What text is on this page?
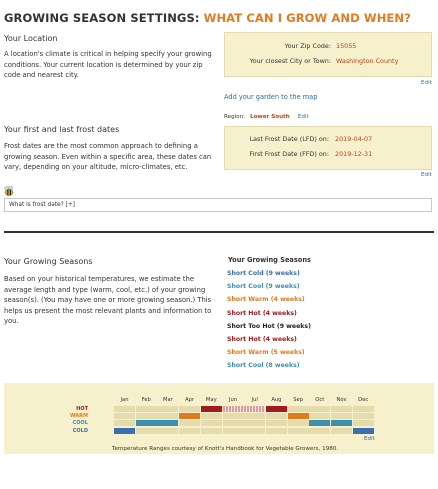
GROWING SEASON SETTINGS: WHAT CAN I GROW AND WHEN?
Your Location
A location's climate is critical in helping specify your growing conditions. Your current location is determined by your zip code and nearest city.
Your Zip Code: 15055
Your closest City or Town: Washington County
Edit
Add your garden to the map
Region: Lower South Edit
Your first and last frost dates
Frost dates are the most common approach to defining a growing season. Even within a specific area, these dates can vary, depending on your altitude, micro-climates, etc.
Last Frost Date (LFD) on: 2019-04-07
First Frost Date (FFD) on: 2019-12-31
Edit
What is frost date? [+]
Your Growing Seasons
Based on your historical temperatures, we estimate the average length and type (warm, cool, etc.) of your growing season(s). (You may have one or more growing season.) This helps us present the most relevant plants and information to you.
Your Growing Seasons
Short Cold (9 weeks)
Short Cool (9 weeks)
Short Warm (4 weeks)
Short Hot (4 weeks)
Short Too Hot (9 weeks)
Short Hot (4 weeks)
Short Warm (5 weeks)
Short Cool (8 weeks)
Jan	Feb	Mar	Apr	May	Jun	Jul	Aug	Sep	Oct	Nov	Dec
HOT
WARM
COOL
COLD
Edit
Temperature Ranges courtesy of Knott's Handbook for Vegetable Growers, 1980.
